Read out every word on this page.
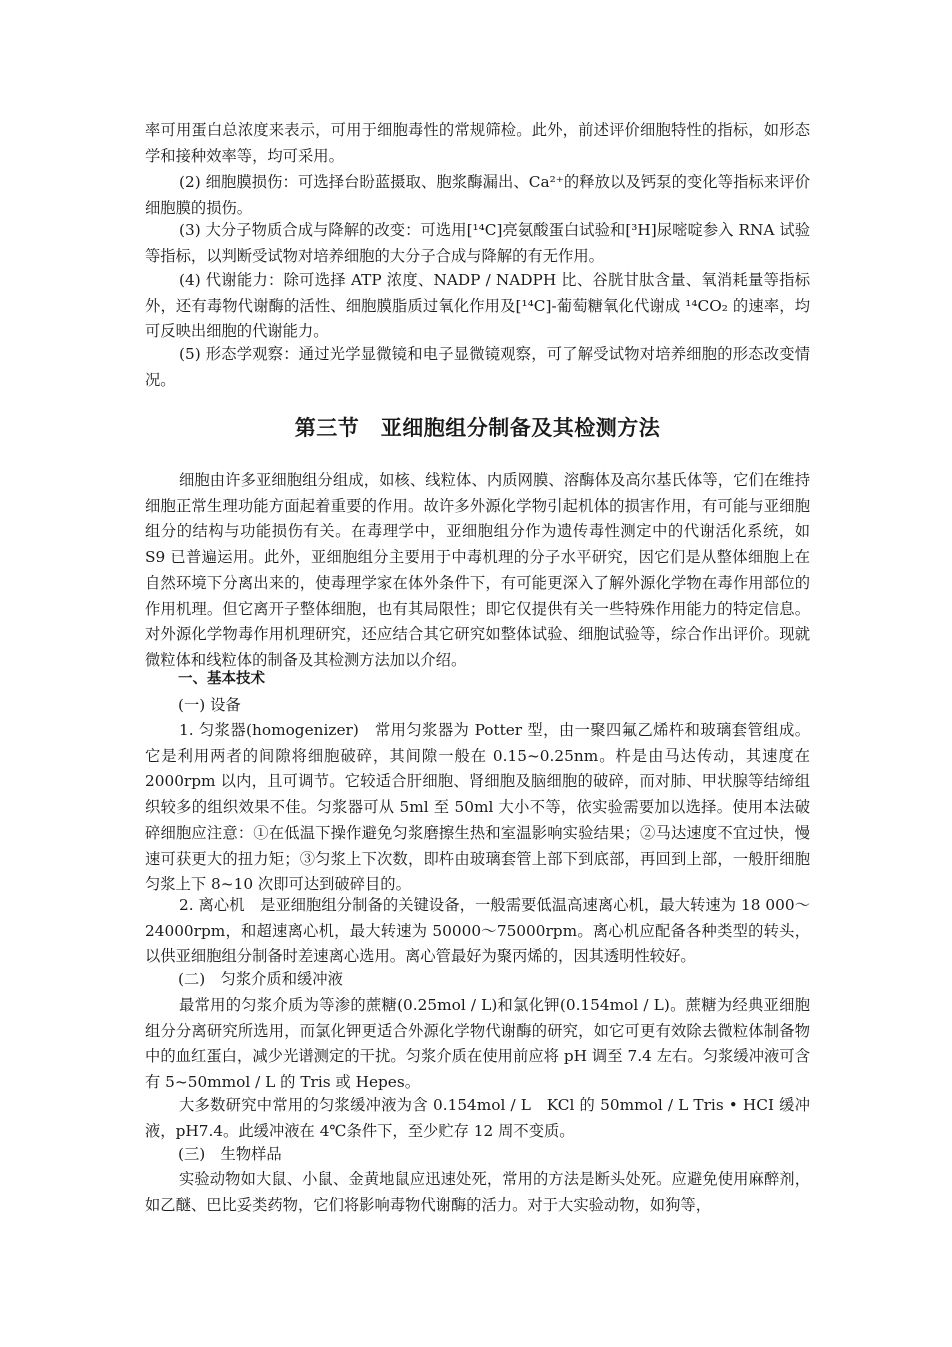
率可用蛋白总浓度来表示，可用于细胞毒性的常规筛检。此外，前述评价细胞特性的指标，如形态学和接种效率等，均可采用。

(2) 细胞膜损伤：可选择台盼蓝摄取、胞浆酶漏出、Ca²⁺的释放以及钙泵的变化等指标来评价细胞膜的损伤。

(3) 大分子物质合成与降解的改变：可选用[¹⁴C]亮氨酸蛋白试验和[³H]尿嘧啶参入 RNA 试验等指标，以判断受试物对培养细胞的大分子合成与降解的有无作用。

(4) 代谢能力：除可选择 ATP 浓度、NADP / NADPH 比、谷胱甘肽含量、氧消耗量等指标外，还有毒物代谢酶的活性、细胞膜脂质过氧化作用及[¹⁴C]-葡萄糖氧化代谢成 ¹⁴CO₂ 的速率，均可反映出细胞的代谢能力。

(5) 形态学观察：通过光学显微镜和电子显微镜观察，可了解受试物对培养细胞的形态改变情况。

第三节　亚细胞组分制备及其检测方法

细胞由许多亚细胞组分组成，如核、线粒体、内质网膜、溶酶体及高尔基氏体等，它们在维持细胞正常生理功能方面起着重要的作用。故许多外源化学物引起机体的损害作用，有可能与亚细胞组分的结构与功能损伤有关。在毒理学中，亚细胞组分作为遗传毒性测定中的代谢活化系统，如 S9 已普遍运用。此外，亚细胞组分主要用于中毒机理的分子水平研究，因它们是从整体细胞上在自然环境下分离出来的，使毒理学家在体外条件下，有可能更深入了解外源化学物在毒作用部位的作用机理。但它离开子整体细胞，也有其局限性；即它仅提供有关一些特殊作用能力的特定信息。对外源化学物毒作用机理研究，还应结合其它研究如整体试验、细胞试验等，综合作出评价。现就微粒体和线粒体的制备及其检测方法加以介绍。

一、基本技术

(一) 设备

1. 匀浆器(homogenizer)　常用匀浆器为 Potter 型，由一聚四氟乙烯杵和玻璃套管组成。它是利用两者的间隙将细胞破碎，其间隙一般在 0.15~0.25nm。杵是由马达传动，其速度在 2000rpm 以内，且可调节。它较适合肝细胞、肾细胞及脑细胞的破碎，而对肺、甲状腺等结缔组织较多的组织效果不佳。匀浆器可从 5ml 至 50ml 大小不等，依实验需要加以选择。使用本法破碎细胞应注意：①在低温下操作避免匀浆磨擦生热和室温影响实验结果；②马达速度不宜过快，慢速可获更大的扭力矩；③匀浆上下次数，即杵由玻璃套管上部下到底部，再回到上部，一般肝细胞匀浆上下 8~10 次即可达到破碎目的。

2. 离心机　是亚细胞组分制备的关键设备，一般需要低温高速离心机，最大转速为 18 000～24000rpm，和超速离心机，最大转速为 50000～75000rpm。离心机应配备各种类型的转头，以供亚细胞组分制备时差速离心选用。离心管最好为聚丙烯的，因其透明性较好。

(二)　匀浆介质和缓冲液

最常用的匀浆介质为等渗的蔗糖(0.25mol / L)和氯化钾(0.154mol / L)。蔗糖为经典亚细胞组分分离研究所选用，而氯化钾更适合外源化学物代谢酶的研究，如它可更有效除去微粒体制备物中的血红蛋白，减少光谱测定的干扰。匀浆介质在使用前应将 pH 调至 7.4 左右。匀浆缓冲液可含有 5~50mmol / L 的 Tris 或 Hepes。

大多数研究中常用的匀浆缓冲液为含 0.154mol / L　KCl 的 50mmol / L Tris • HCI 缓冲液，pH7.4。此缓冲液在 4℃条件下，至少贮存 12 周不变质。

(三)　生物样品

实验动物如大鼠、小鼠、金黄地鼠应迅速处死，常用的方法是断头处死。应避免使用麻醉剂，如乙醚、巴比妥类药物，它们将影响毒物代谢酶的活力。对于大实验动物，如狗等，
